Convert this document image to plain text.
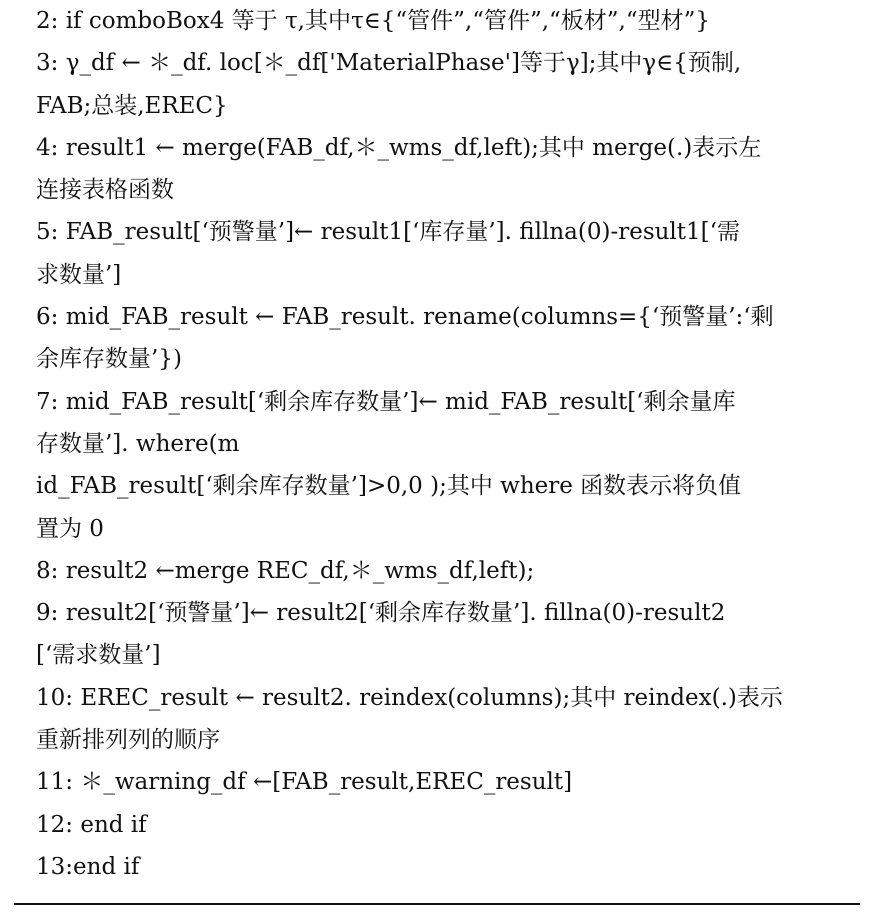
2: if comboBox4 等于 τ,其中τ∈{“管件”,“管件”,“板材”,“型材”}
3: γ_df ← ＊_df. loc[＊_df['MaterialPhase']等于γ];其中γ∈{预制,
FAB;总装,EREC}
4: result1 ← merge(FAB_df,＊_wms_df,left);其中 merge(.)表示左
连接表格函数
5: FAB_result[‘预警量’]← result1[‘库存量’]. fillna(0)-result1[‘需
求数量’]
6: mid_FAB_result ← FAB_result. rename(columns={‘预警量’:‘剩
余库存数量’})
7: mid_FAB_result[‘剩余库存数量’]← mid_FAB_result[‘剩余量库
存数量’]. where(m
id_FAB_result[‘剩余库存数量’]>0,0 );其中 where 函数表示将负值
置为 0
8: result2 ←merge REC_df,＊_wms_df,left);
9: result2[‘预警量’]← result2[‘剩余库存数量’]. fillna(0)-result2
[‘需求数量’]
10: EREC_result ← result2. reindex(columns);其中 reindex(.)表示
重新排列列的顺序
11: ＊_warning_df ←[FAB_result,EREC_result]
12: end if
13:end if
